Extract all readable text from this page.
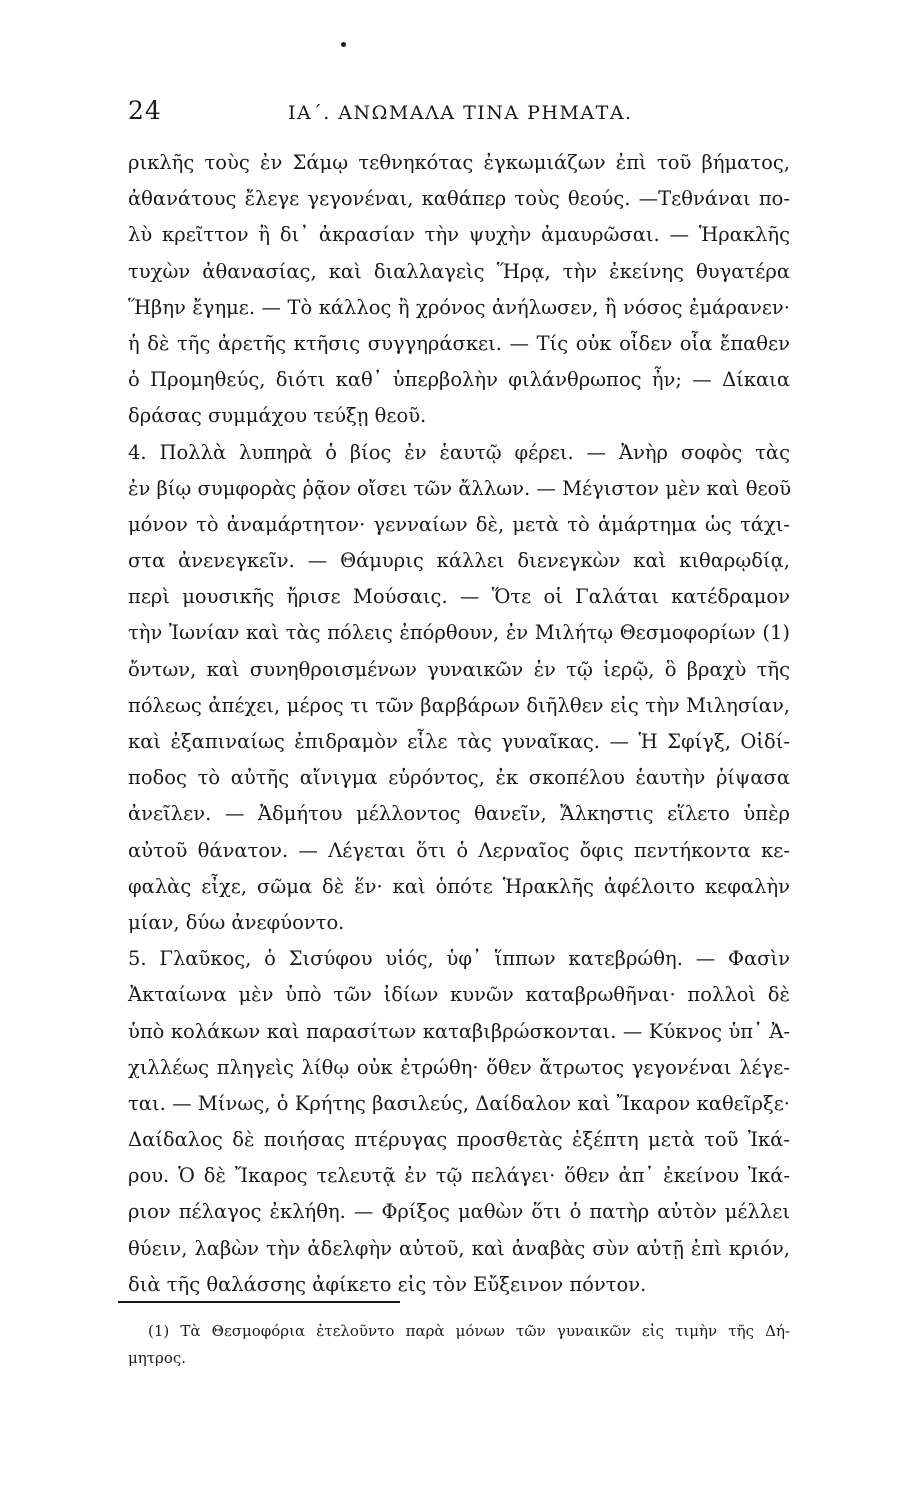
24	ΙΑ΄. ΑΝΩΜΑΛΑ ΤΙΝΑ ΡΗΜΑΤΑ.
ρικλῆς τοὺς ἐν Σάμῳ τεθνηκότας ἐγκωμιάζων ἐπὶ τοῦ βήματος,
ἀθανάτους ἔλεγε γεγονέναι, καθάπερ τοὺς θεούς. —Τεθνάναι πο-
λὺ κρεῖττον ἢ δι᾽ ἀκρασίαν τὴν ψυχὴν ἀμαυρῶσαι. — Ἡρακλῆς
τυχὼν ἀθανασίας, καὶ διαλλαγεὶς Ἥρᾳ, τὴν ἐκείνης θυγατέρα
Ἥβην ἔγημε. — Τὸ κάλλος ἢ χρόνος ἀνήλωσεν, ἢ νόσος ἐμάρανεν·
ἡ δὲ τῆς ἀρετῆς κτῆσις συγγηράσκει. — Τίς οὐκ οἶδεν οἷα ἔπαθεν
ὁ Προμηθεύς, διότι καθ᾽ ὑπερβολὴν φιλάνθρωπος ἦν; — Δίκαια
δράσας συμμάχου τεύξῃ θεοῦ.
4. Πολλὰ λυπηρὰ ὁ βίος ἐν ἑαυτῷ φέρει. — Ἀνὴρ σοφὸς τὰς
ἐν βίῳ συμφορὰς ῥᾷον οἴσει τῶν ἄλλων. — Μέγιστον μὲν καὶ θεοῦ
μόνον τὸ ἀναμάρτητον· γενναίων δὲ, μετὰ τὸ ἁμάρτημα ὡς τάχι-
στα ἀνενεγκεῖν. — Θάμυρις κάλλει διενεγκὼν καὶ κιθαρῳδίᾳ,
περὶ μουσικῆς ἤρισε Μούσαις. — Ὅτε οἱ Γαλάται κατέδραμον
τὴν Ἰωνίαν καὶ τὰς πόλεις ἐπόρθουν, ἐν Μιλήτῳ Θεσμοφορίων (1)
ὄντων, καὶ συνηθροισμένων γυναικῶν ἐν τῷ ἱερῷ, ὃ βραχὺ τῆς
πόλεως ἀπέχει, μέρος τι τῶν βαρβάρων διῆλθεν εἰς τὴν Μιλησίαν,
καὶ ἐξαπιναίως ἐπιδραμὸν εἷλε τὰς γυναῖκας. — Ἡ Σφίγξ, Οἰδί-
ποδος τὸ αὐτῆς αἴνιγμα εὑρόντος, ἐκ σκοπέλου ἑαυτὴν ῥίψασα
ἀνεῖλεν. — Ἀδμήτου μέλλοντος θανεῖν, Ἄλκηστις εἵλετο ὑπὲρ
αὐτοῦ θάνατον. — Λέγεται ὅτι ὁ Λερναῖος ὄφις πεντήκοντα κε-
φαλὰς εἶχε, σῶμα δὲ ἕν· καὶ ὁπότε Ἡρακλῆς ἀφέλοιτο κεφαλὴν
μίαν, δύω ἀνεφύοντο.
5. Γλαῦκος, ὁ Σισύφου υἱός, ὑφ᾽ ἵππων κατεβρώθη. — Φασὶν
Ἀκταίωνα μὲν ὑπὸ τῶν ἰδίων κυνῶν καταβρωθῆναι· πολλοὶ δὲ
ὑπὸ κολάκων καὶ παρασίτων καταβιβρώσκονται. — Κύκνος ὑπ᾽ Ἀ-
χιλλέως πληγεὶς λίθῳ οὐκ ἐτρώθη· ὅθεν ἄτρωτος γεγονέναι λέγε-
ται. — Μίνως, ὁ Κρήτης βασιλεύς, Δαίδαλον καὶ Ἴκαρον καθεῖρξε·
Δαίδαλος δὲ ποιήσας πτέρυγας προσθετὰς ἐξέπτη μετὰ τοῦ Ἰκά-
ρου. Ὁ δὲ Ἴκαρος τελευτᾷ ἐν τῷ πελάγει· ὅθεν ἀπ᾽ ἐκείνου Ἰκά-
ριον πέλαγος ἐκλήθη. — Φρίξος μαθὼν ὅτι ὁ πατὴρ αὐτὸν μέλλει
θύειν, λαβὼν τὴν ἀδελφὴν αὐτοῦ, καὶ ἀναβὰς σὺν αὐτῇ ἐπὶ κριόν,
διὰ τῆς θαλάσσης ἀφίκετο εἰς τὸν Εὔξεινον πόντον.
(1) Τὰ Θεσμοφόρια ἐτελοῦντο παρὰ μόνων τῶν γυναικῶν εἰς τιμὴν τῆς Δή-
μητρος.
